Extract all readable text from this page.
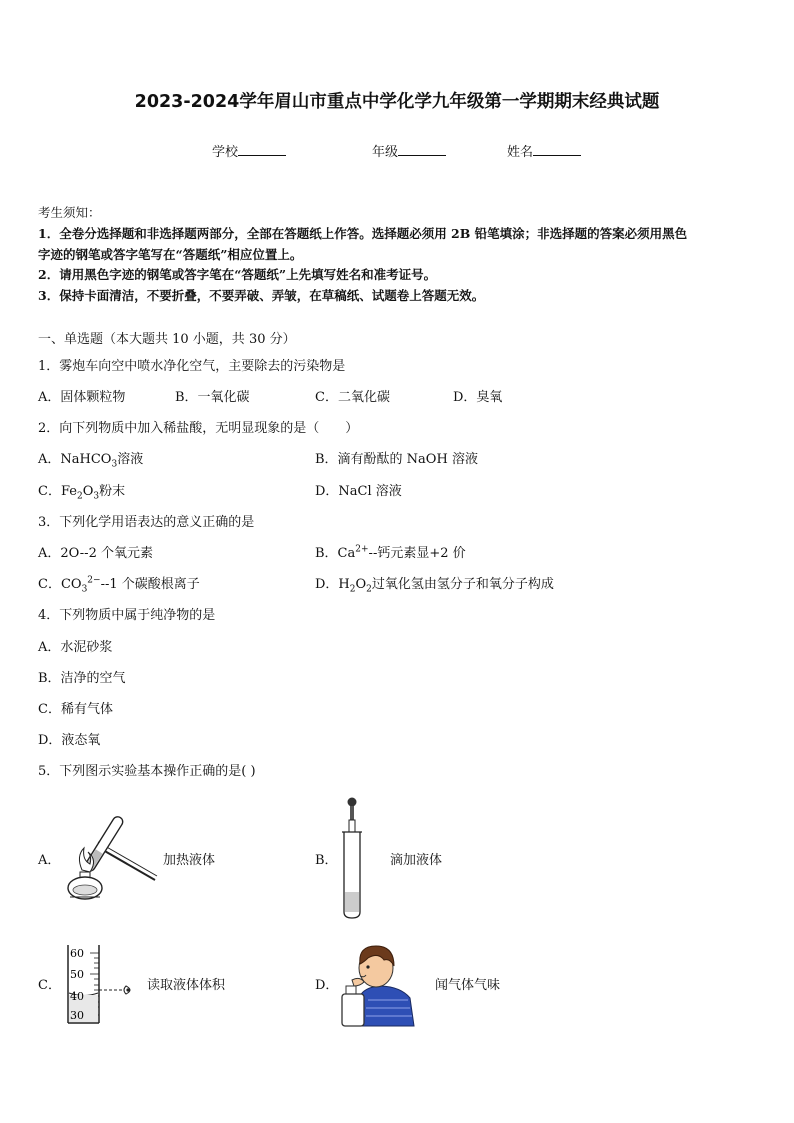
2023-2024学年眉山市重点中学化学九年级第一学期期末经典试题
学校	年级	姓名
考生须知：
1．全卷分选择题和非选择题两部分，全部在答题纸上作答。选择题必须用 2B 铅笔填涂；非选择题的答案必须用黑色
字迹的钢笔或答字笔写在“答题纸”相应位置上。
2．请用黑色字迹的钢笔或答字笔在“答题纸”上先填写姓名和准考证号。
3．保持卡面清洁，不要折叠，不要弄破、弄皱，在草稿纸、试题卷上答题无效。
一、单选题（本大题共 10 小题，共 30 分）
1．雾炮车向空中喷水净化空气，主要除去的污染物是
A．固体颗粒物	B．一氧化碳	C．二氧化碳	D．臭氧
2．向下列物质中加入稀盐酸，无明显现象的是（　　）
A．NaHCO$_3$溶液	B．滴有酚酞的 NaOH 溶液
C．$Fe_2O_3$粉末	D．NaCl 溶液
3．下列化学用语表达的意义正确的是
A．2O--2 个氧元素	B．$Ca^{2+}--$钙元素显+2 价
C．$CO_3^{2-}--1$ 个碳酸根离子	D．$H_2O_2$过氧化氢由氢分子和氧分子构成
4．下列物质中属于纯净物的是
A．水泥砂浆
B．洁净的空气
C．稀有气体
D．液态氧
5．下列图示实验基本操作正确的是( )
A．	加热液体	B．	滴加液体
C．
60
50
40
30
读取液体体积	D．	闻气体气味
